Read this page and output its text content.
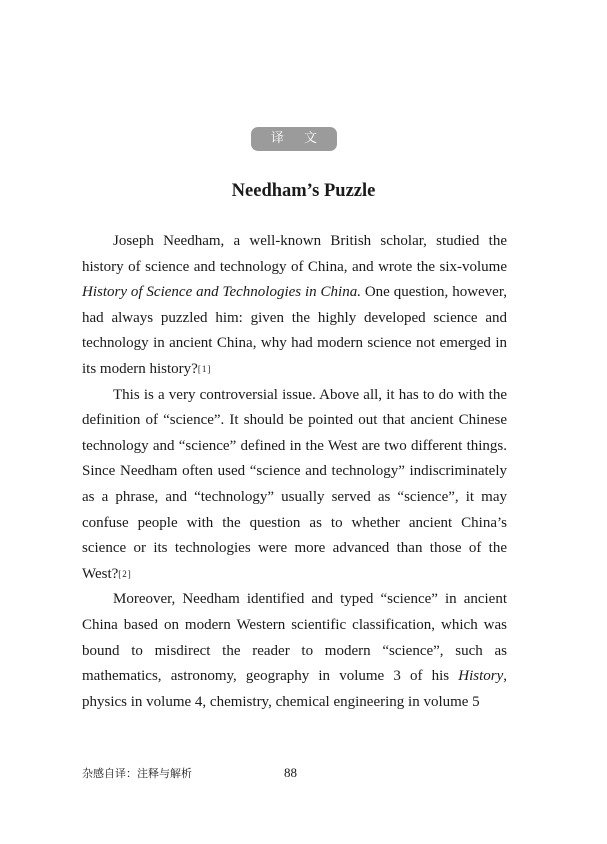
译 文
Needham’s Puzzle

Joseph Needham, a well-known British scholar, studied the history of science and technology of China, and wrote the six-volume History of Science and Technologies in China. One question, however, had always puzzled him: given the highly developed science and technology in ancient China, why had modern science not emerged in its modern history?[1]

This is a very controversial issue. Above all, it has to do with the definition of “science”. It should be pointed out that ancient Chinese technology and “science” defined in the West are two different things. Since Needham often used “science and technology” indiscriminately as a phrase, and “technology” usually served as “science”, it may confuse people with the question as to whether ancient China’s science or its technologies were more advanced than those of the West?[2]

Moreover, Needham identified and typed “science” in ancient China based on modern Western scientific classification, which was bound to misdirect the reader to modern “science”, such as mathematics, astronomy, geography in volume 3 of his History, physics in volume 4, chemistry, chemical engineering in volume 5

杂感自译：注释与解析	88
